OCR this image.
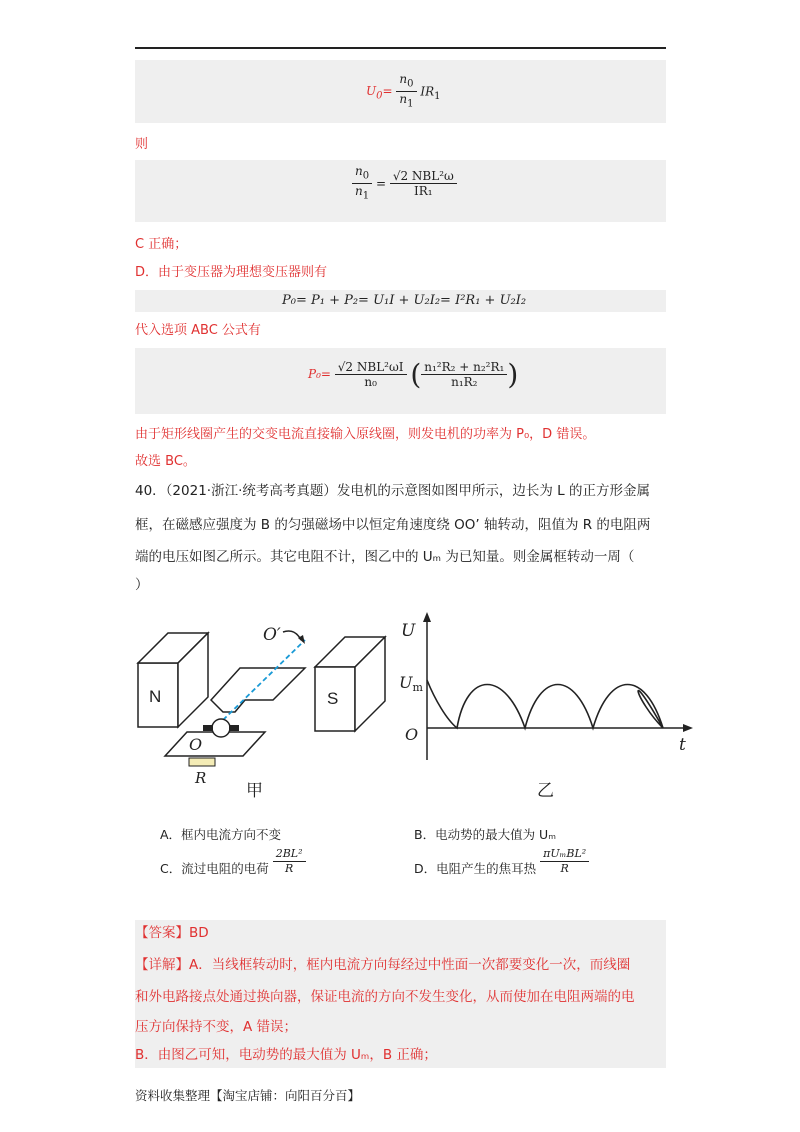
$U_0= \frac{n_0}{n_1} IR_1$
则
$\frac{n_0}{n_1} = \frac{\text{√2 NBL²ω}}{\text{IR₁}}$
C 正确；
D．由于变压器为理想变压器则有
P₀= P₁ + P₂= U₁I + U₂I₂= I²R₁ + U₂I₂
代入选项 ABC 公式有
$P_0= \frac{\text{√2 NBL²ωI}}{\text{n₀}}$ ( $\frac{\text{n₁²R₂ + n₂²R₁}}{\text{n₁R₂}}$ )
由于矩形线圈产生的交变电流直接输入原线圈，则发电机的功率为 P₀，D 错误。
故选 BC。
40．（2021·浙江·统考高考真题）发电机的示意图如图甲所示，边长为 L 的正方形金属
框，在磁感应强度为 B 的匀强磁场中以恒定角速度绕 OO’ 轴转动，阻值为 R 的电阻两
端的电压如图乙所示。其它电阻不计，图乙中的 Uₘ 为已知量。则金属框转动一周（
）
N	S
O′
O
R
甲
U
t
Um
O
乙
A．框内电流方向不变	B．电动势的最大值为 Uₘ
C．流过电阻的电荷 $\frac{\text{2BL²}}{R}$	D．电阻产生的焦耳热 $\frac{\text{πUₘBL²}}{R}$
【答案】BD
【详解】A．当线框转动时，框内电流方向每经过中性面一次都要变化一次，而线圈
和外电路接点处通过换向器，保证电流的方向不发生变化，从而使加在电阻两端的电
压方向保持不变，A 错误；
B．由图乙可知，电动势的最大值为 Uₘ，B 正确；
资料收集整理【淘宝店铺：向阳百分百】
